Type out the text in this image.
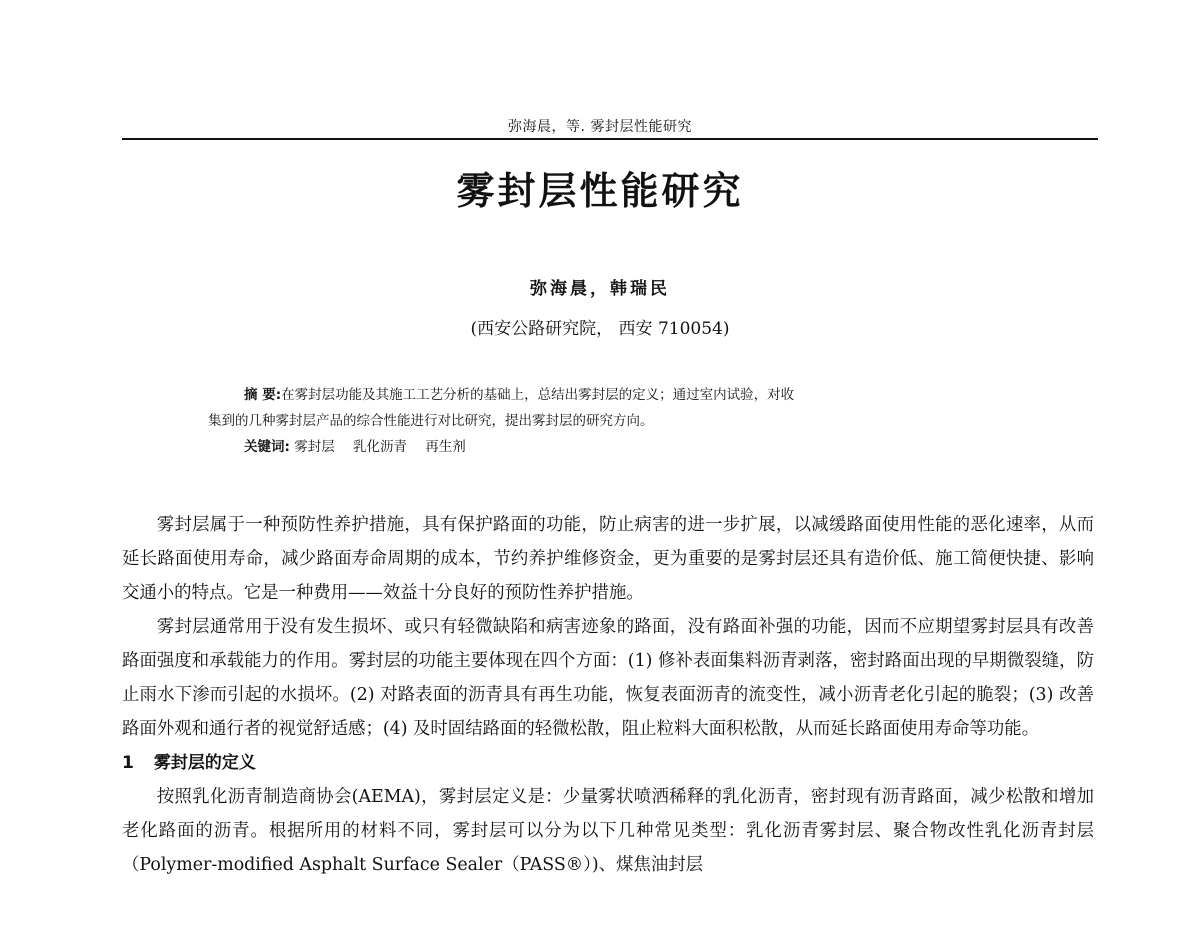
弥海晨，等. 雾封层性能研究
雾封层性能研究
弥海晨，韩瑞民
(西安公路研究院， 西安 710054)
摘 要:在雾封层功能及其施工工艺分析的基础上，总结出雾封层的定义；通过室内试验，对收
集到的几种雾封层产品的综合性能进行对比研究，提出雾封层的研究方向。
关键词: 雾封层 乳化沥青 再生剂

雾封层属于一种预防性养护措施，具有保护路面的功能，防止病害的进一步扩展，以减缓路面使用性能的恶化速率，从而延长路面使用寿命，减少路面寿命周期的成本，节约养护维修资金，更为重要的是雾封层还具有造价低、施工简便快捷、影响交通小的特点。它是一种费用——效益十分良好的预防性养护措施。

雾封层通常用于没有发生损坏、或只有轻微缺陷和病害迹象的路面，没有路面补强的功能，因而不应期望雾封层具有改善路面强度和承载能力的作用。雾封层的功能主要体现在四个方面：(1) 修补表面集料沥青剥落，密封路面出现的早期微裂缝，防止雨水下渗而引起的水损坏。(2) 对路表面的沥青具有再生功能，恢复表面沥青的流变性，减小沥青老化引起的脆裂；(3) 改善路面外观和通行者的视觉舒适感；(4) 及时固结路面的轻微松散，阻止粒料大面积松散，从而延长路面使用寿命等功能。

1 雾封层的定义

按照乳化沥青制造商协会(AEMA)，雾封层定义是：少量雾状喷洒稀释的乳化沥青，密封现有沥青路面，减少松散和增加老化路面的沥青。根据所用的材料不同，雾封层可以分为以下几种常见类型：乳化沥青雾封层、聚合物改性乳化沥青封层（Polymer-modified Asphalt Surface Sealer（PASS®）)、煤焦油封层
